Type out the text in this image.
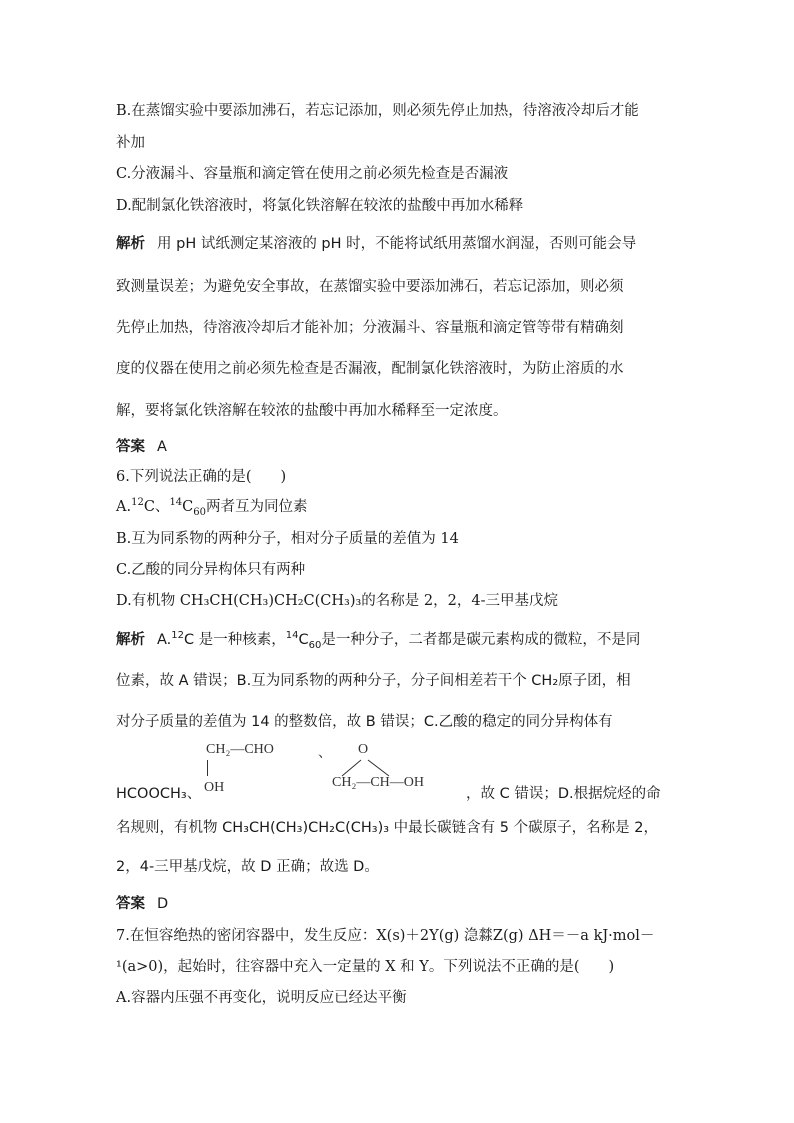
B.在蒸馏实验中要添加沸石，若忘记添加，则必须先停止加热，待溶液冷却后才能
补加
C.分液漏斗、容量瓶和滴定管在使用之前必须先检查是否漏液
D.配制氯化铁溶液时，将氯化铁溶解在较浓的盐酸中再加水稀释
解析 用 pH 试纸测定某溶液的 pH 时，不能将试纸用蒸馏水润湿，否则可能会导
致测量误差；为避免安全事故，在蒸馏实验中要添加沸石，若忘记添加，则必须
先停止加热，待溶液冷却后才能补加；分液漏斗、容量瓶和滴定管等带有精确刻
度的仪器在使用之前必须先检查是否漏液，配制氯化铁溶液时，为防止溶质的水
解，要将氯化铁溶解在较浓的盐酸中再加水稀释至一定浓度。
答案 A
6.下列说法正确的是(　　)
A.$^{12}$C、$^{14}C_{60}$两者互为同位素
B.互为同系物的两种分子，相对分子质量的差值为 14
C.乙酸的同分异构体只有两种
D.有机物 CH₃CH(CH₃)CH₂C(CH₃)₃的名称是 2，2，4-三甲基戊烷
解析 A.$^{12}$C 是一种核素，$^{14}C_{60}$是一种分子，二者都是碳元素构成的微粒，不是同
位素，故 A 错误；B.互为同系物的两种分子，分子间相差若干个 CH₂原子团，相
对分子质量的差值为 14 的整数倍，故 B 错误；C.乙酸的稳定的同分异构体有
CH₂—CHO
OH
、 O
CH₂—CH—OH
HCOOCH₃、	，故 C 错误；D.根据烷烃的命
名规则，有机物 CH₃CH(CH₃)CH₂C(CH₃)₃ 中最长碳链含有 5 个碳原子，名称是 2，
2，4-三甲基戊烷，故 D 正确；故选 D。
答案 D
7.在恒容绝热的密闭容器中，发生反应：X(s)＋2Y(g) 㴔㵘Z(g) ΔH＝－a kJ·mol－
¹(a>0)，起始时，往容器中充入一定量的 X 和 Y。下列说法不正确的是(　　)
A.容器内压强不再变化，说明反应已经达平衡
